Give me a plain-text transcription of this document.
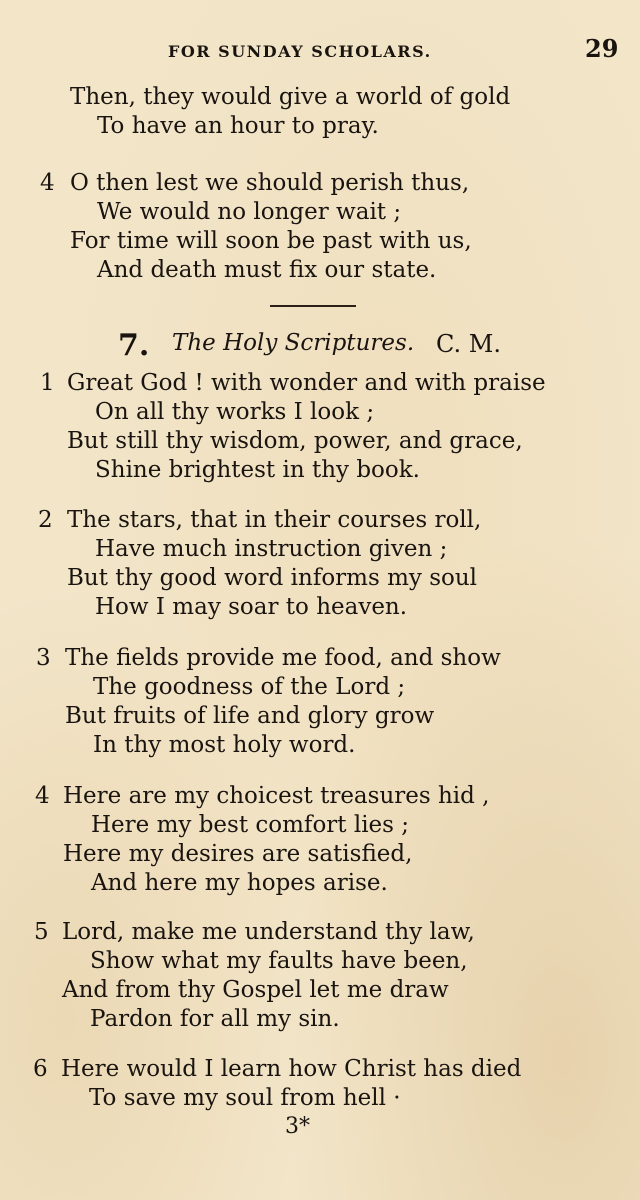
FOR SUNDAY SCHOLARS.	29
Then, they would give a world of gold
To have an hour to pray.
4 O then lest we should perish thus,
We would no longer wait ;
For time will soon be past with us,
And death must fix our state.
7. The Holy Scriptures. C. M.
1 Great God ! with wonder and with praise
On all thy works I look ;
But still thy wisdom, power, and grace,
Shine brightest in thy book.
2 The stars, that in their courses roll,
Have much instruction given ;
But thy good word informs my soul
How I may soar to heaven.
3 The fields provide me food, and show
The goodness of the Lord ;
But fruits of life and glory grow
In thy most holy word.
4 Here are my choicest treasures hid ,
Here my best comfort lies ;
Here my desires are satisfied,
And here my hopes arise.
5 Lord, make me understand thy law,
Show what my faults have been,
And from thy Gospel let me draw
Pardon for all my sin.
6 Here would I learn how Christ has died
To save my soul from hell ·
3*
